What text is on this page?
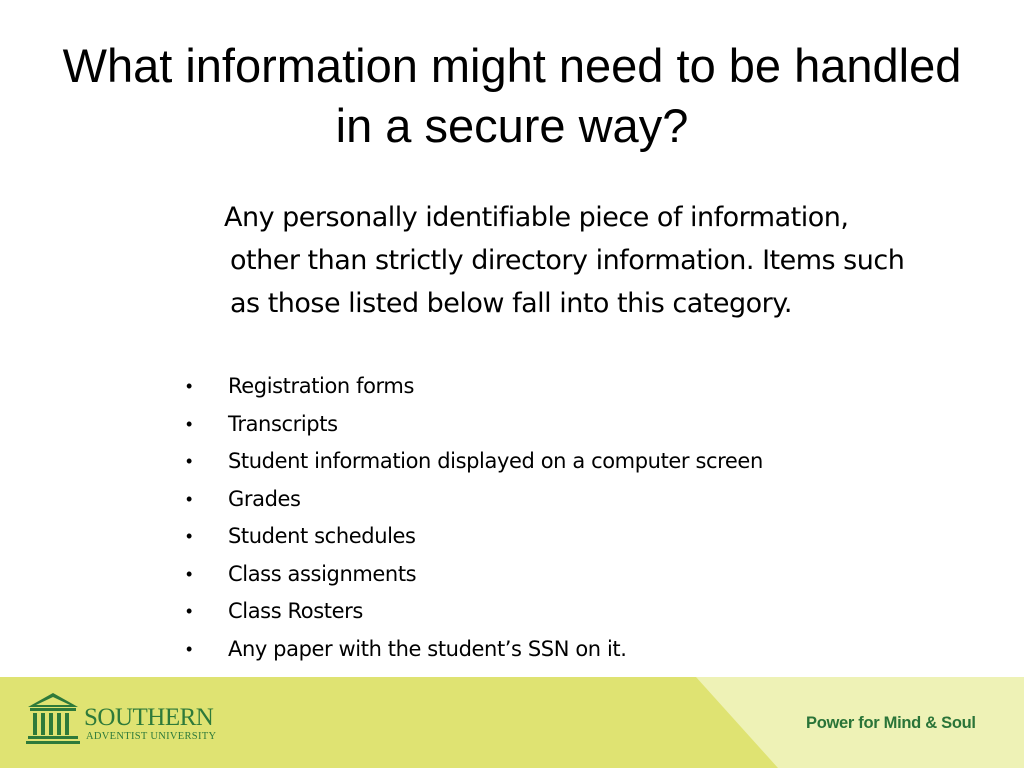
What information might need to be handled in a secure way?

Any personally identifiable piece of information, other than strictly directory information. Items such as those listed below fall into this category.

• Registration forms
• Transcripts
• Student information displayed on a computer screen
• Grades
• Student schedules
• Class assignments
• Class Rosters
• Any paper with the student’s SSN on it.
SOUTHERN
ADVENTIST UNIVERSITY
Power for Mind & Soul
